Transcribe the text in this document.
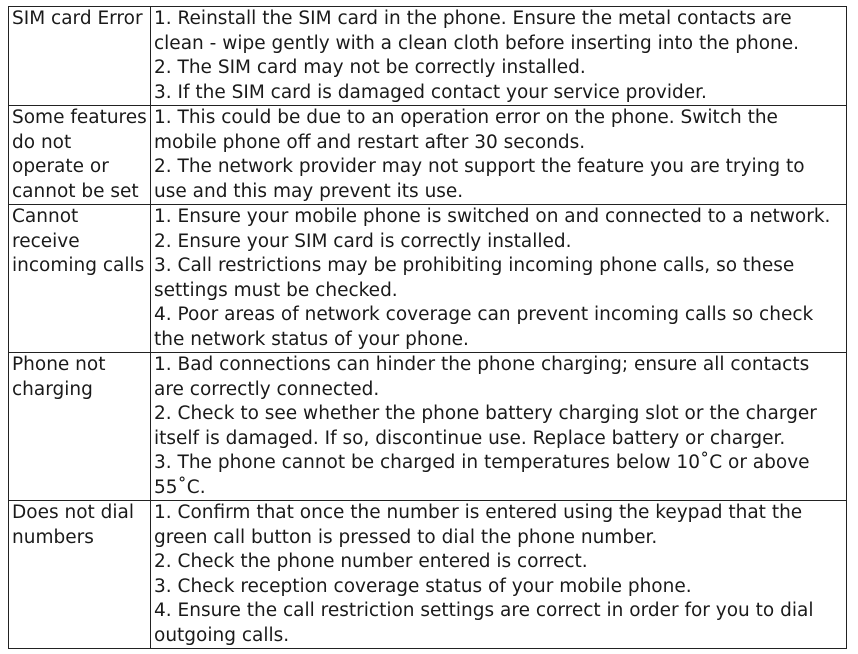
SIM card Error	1. Reinstall the SIM card in the phone. Ensure the metal contacts are clean - wipe gently with a clean cloth before inserting into the phone.
2. The SIM card may not be correctly installed.
3. If the SIM card is damaged contact your service provider.

Some features do not operate or cannot be set	1. This could be due to an operation error on the phone. Switch the mobile phone off and restart after 30 seconds.
2. The network provider may not support the feature you are trying to use and this may prevent its use.

Cannot receive incoming calls	1. Ensure your mobile phone is switched on and connected to a network.
2. Ensure your SIM card is correctly installed.
3. Call restrictions may be prohibiting incoming phone calls, so these settings must be checked.
4. Poor areas of network coverage can prevent incoming calls so check the network status of your phone.

Phone not charging	1. Bad connections can hinder the phone charging; ensure all contacts are correctly connected.
2. Check to see whether the phone battery charging slot or the charger itself is damaged. If so, discontinue use. Replace battery or charger.
3. The phone cannot be charged in temperatures below 10˚C or above 55˚C.

Does not dial numbers	1. Confirm that once the number is entered using the keypad that the green call button is pressed to dial the phone number.
2. Check the phone number entered is correct.
3. Check reception coverage status of your mobile phone.
4. Ensure the call restriction settings are correct in order for you to dial outgoing calls.
